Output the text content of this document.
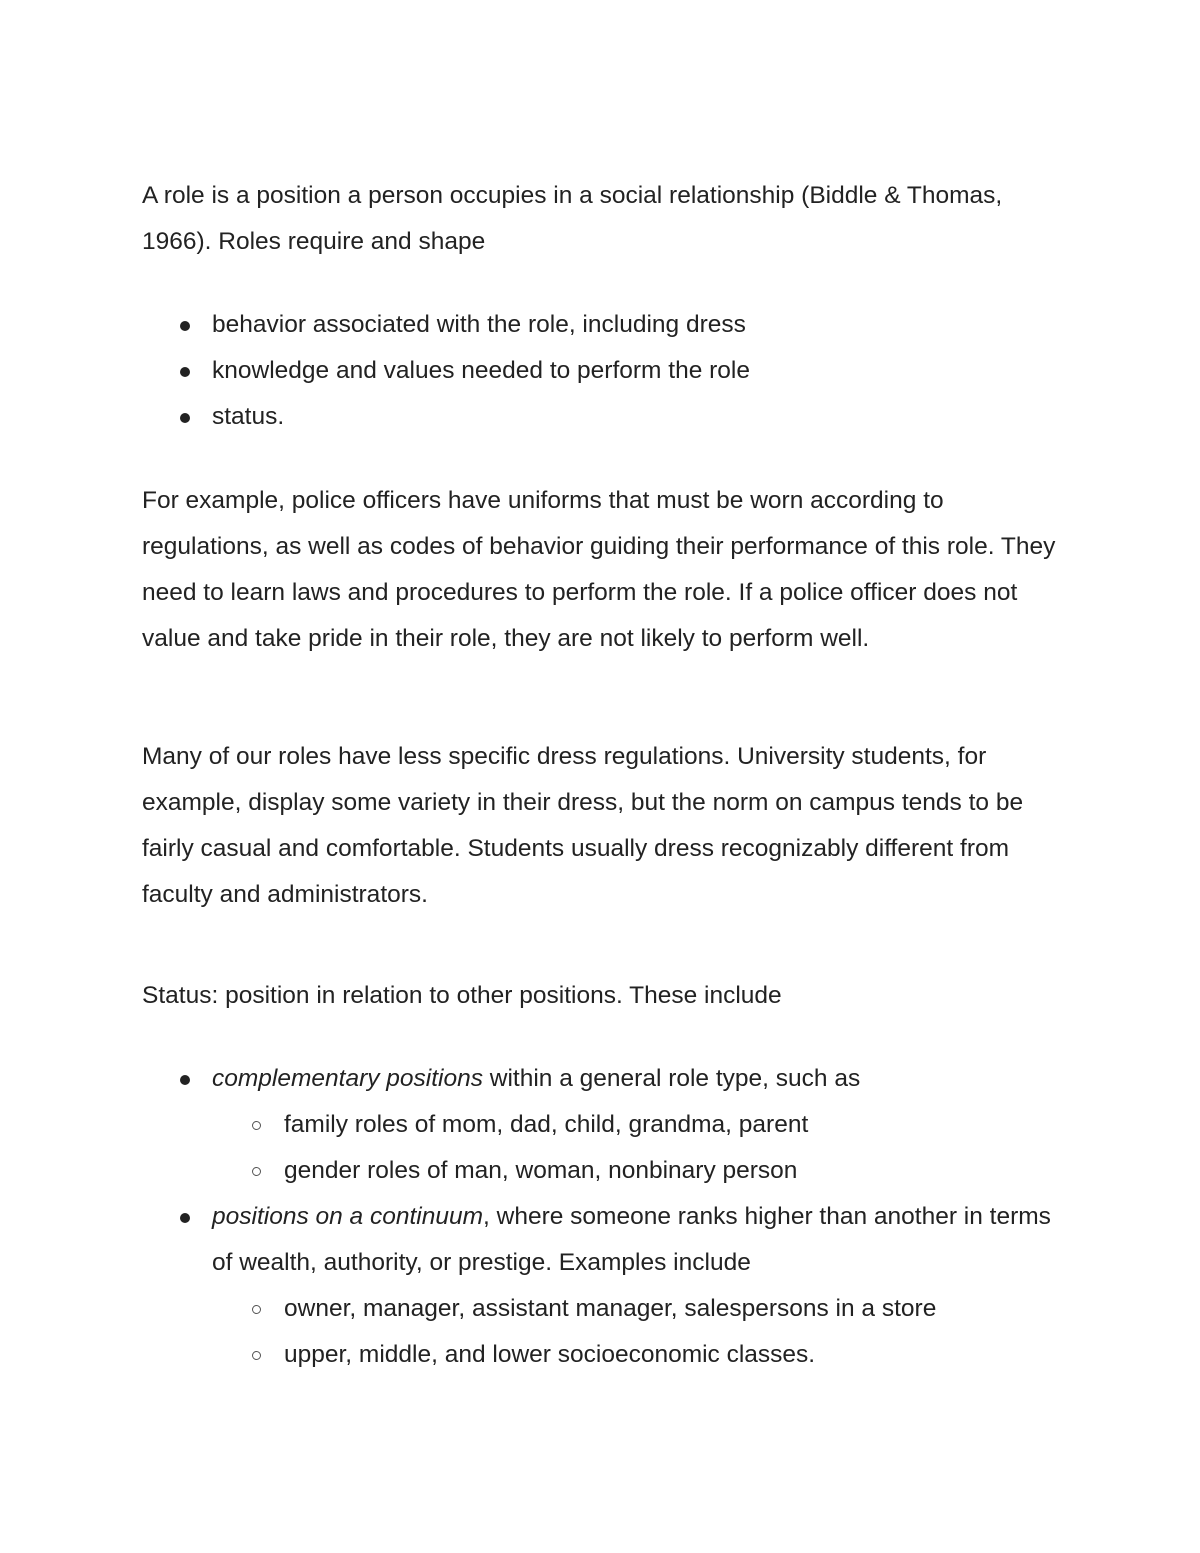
A role is a position a person occupies in a social relationship (Biddle & Thomas, 1966). Roles require and shape

behavior associated with the role, including dress
knowledge and values needed to perform the role
status.

For example, police officers have uniforms that must be worn according to regulations, as well as codes of behavior guiding their performance of this role. They need to learn laws and procedures to perform the role. If a police officer does not value and take pride in their role, they are not likely to perform well.

Many of our roles have less specific dress regulations. University students, for example, display some variety in their dress, but the norm on campus tends to be fairly casual and comfortable. Students usually dress recognizably different from faculty and administrators.

Status: position in relation to other positions. These include

complementary positions within a general role type, such as
family roles of mom, dad, child, grandma, parent
gender roles of man, woman, nonbinary person
positions on a continuum, where someone ranks higher than another in terms of wealth, authority, or prestige. Examples include
owner, manager, assistant manager, salespersons in a store
upper, middle, and lower socioeconomic classes.
